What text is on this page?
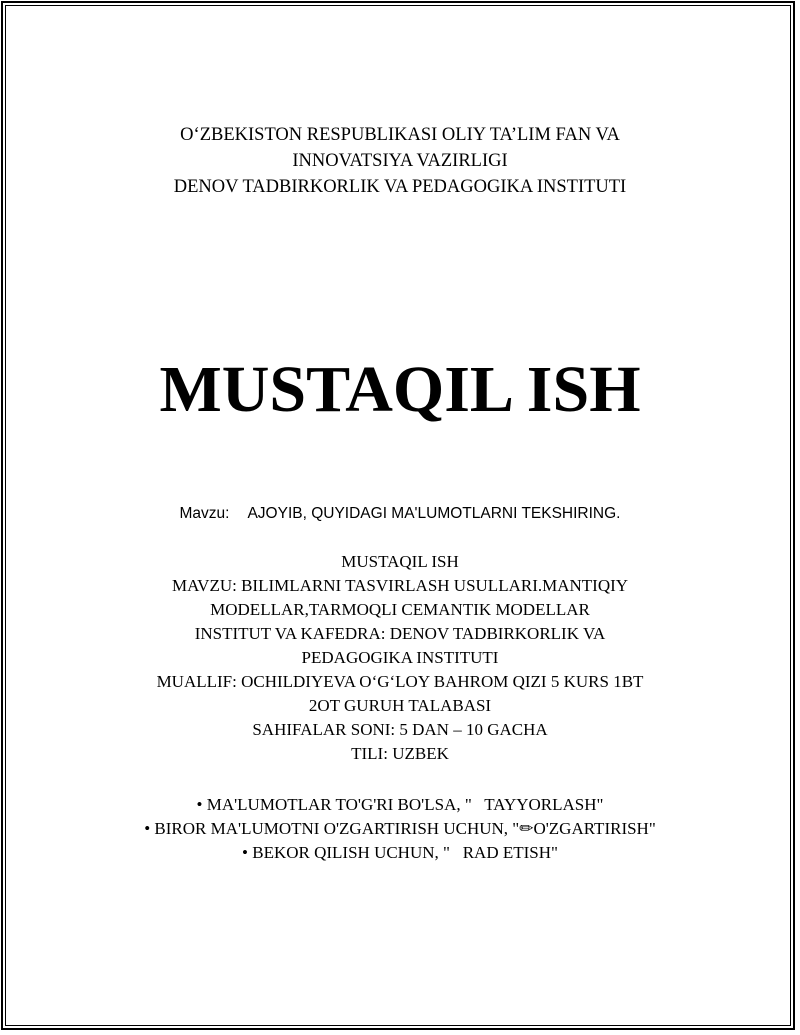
O‘ZBEKISTON RESPUBLIKASI OLIY TA’LIM FAN VA
INNOVATSIYA VAZIRLIGI
DENOV TADBIRKORLIK VA PEDAGOGIKA INSTITUTI
MUSTAQIL ISH
Mavzu: AJOYIB, QUYIDAGI MA'LUMOTLARNI TEKSHIRING.
MUSTAQIL ISH
MAVZU: BILIMLARNI TASVIRLASH USULLARI.MANTIQIY
MODELLAR,TARMOQLI CEMANTIK MODELLAR
INSTITUT VA KAFEDRA: DENOV TADBIRKORLIK VA
PEDAGOGIKA INSTITUTI
MUALLIF: OCHILDIYEVA O‘G‘LOY BAHROM QIZI 5 KURS 1BT
2OT GURUH TALABASI
SAHIFALAR SONI: 5 DAN – 10 GACHA
TILI: UZBEK
• MA'LUMOTLAR TO'G'RI BO'LSA, "   TAYYORLASH"
• BIROR MA'LUMOTNI O'ZGARTIRISH UCHUN, "✏O'ZGARTIRISH"
• BEKOR QILISH UCHUN, "   RAD ETISH"
